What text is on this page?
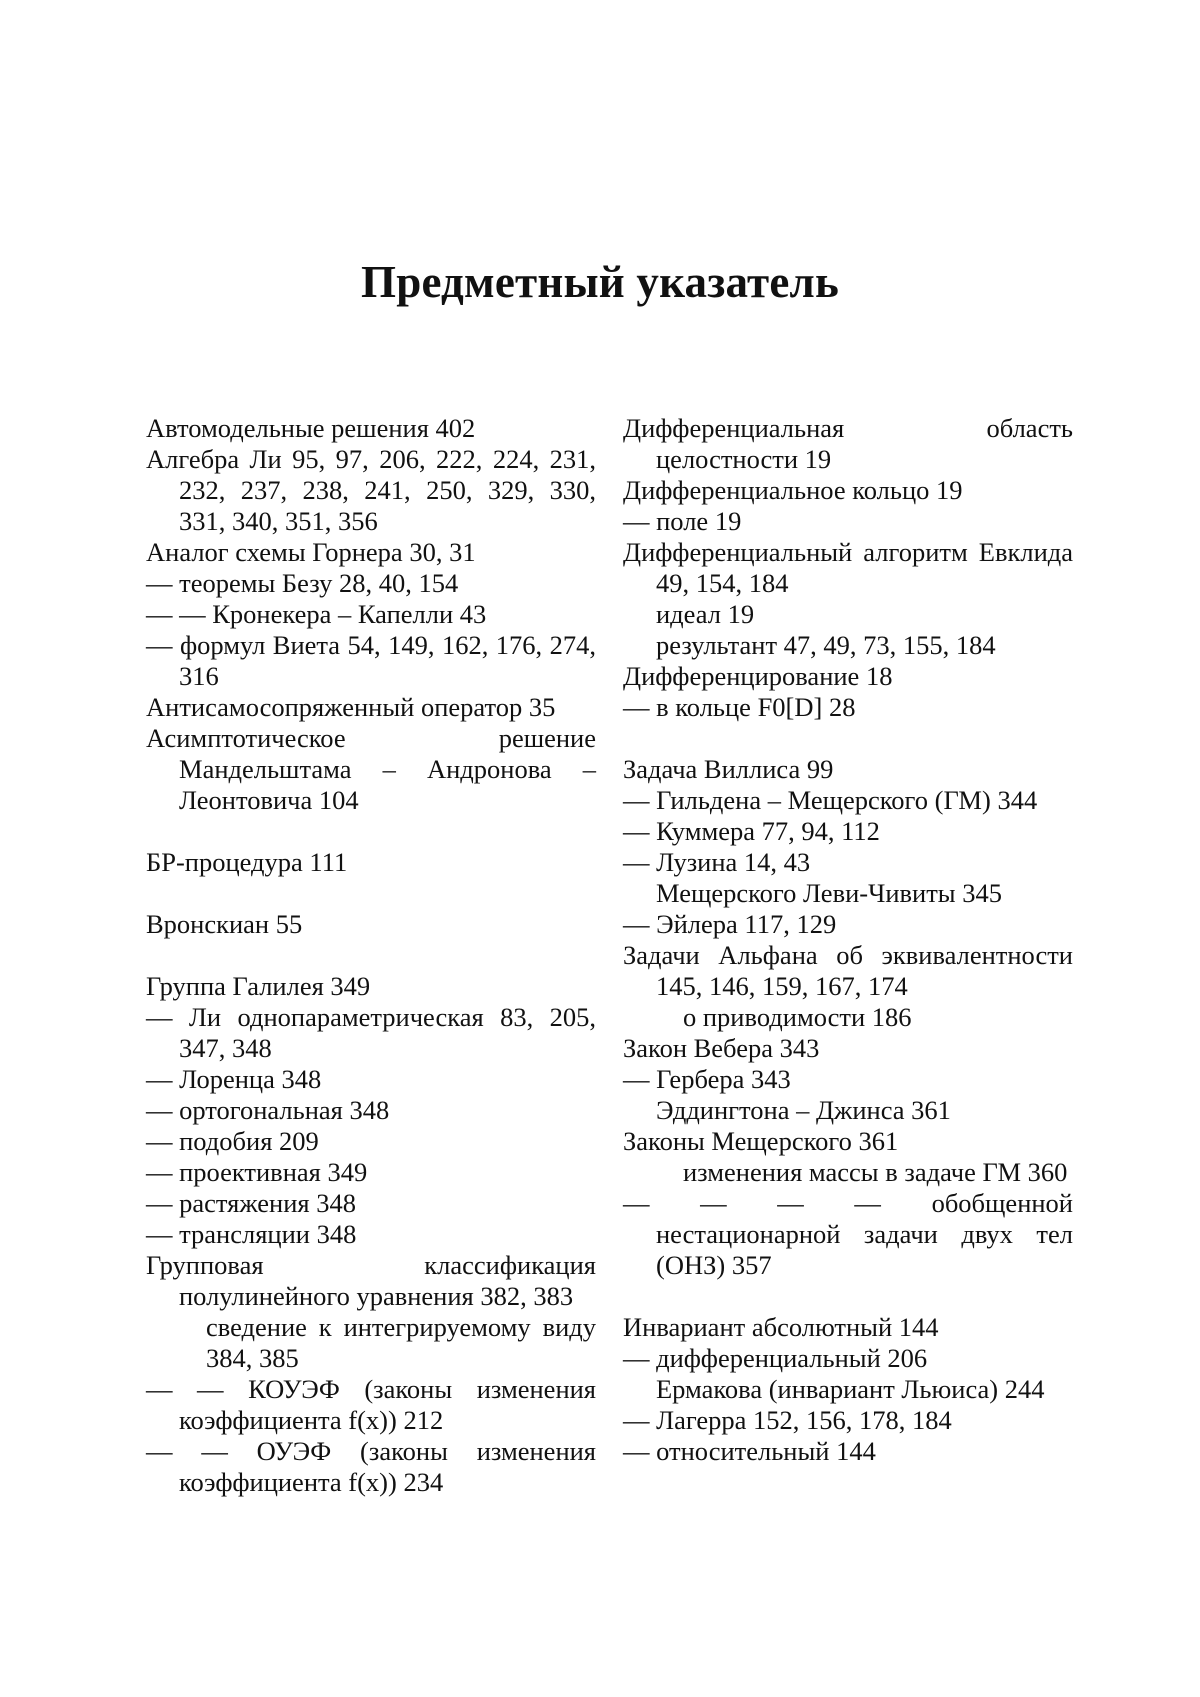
Предметный указатель
Автомодельные решения 402
Алгебра Ли 95, 97, 206, 222, 224, 231, 232, 237, 238, 241, 250, 329, 330, 331, 340, 351, 356
Аналог схемы Горнера 30, 31
— теоремы Безу 28, 40, 154
— — Кронекера – Капелли 43
— формул Виета 54, 149, 162, 176, 274, 316
Антисамосопряженный оператор 35
Асимптотическое решение Мандельштама – Андронова – Леонтовича 104
БР-процедура 111
Вронскиан 55
Группа Галилея 349
— Ли однопараметрическая 83, 205, 347, 348
— Лоренца 348
— ортогональная 348
— подобия 209
— проективная 349
— растяжения 348
— трансляции 348
Групповая классификация полулинейного уравнения 382, 383
сведение к интегрируемому виду 384, 385
— — КОУЭФ (законы изменения коэффициента f(x)) 212
— — ОУЭФ (законы изменения коэффициента f(x)) 234
Дифференциальная область целостности 19
Дифференциальное кольцо 19
— поле 19
Дифференциальный алгоритм Евклида 49, 154, 184
идеал 19
результант 47, 49, 73, 155, 184
Дифференцирование 18
— в кольце F0[D] 28
Задача Виллиса 99
— Гильдена – Мещерского (ГМ) 344
— Куммера 77, 94, 112
— Лузина 14, 43
Мещерского Леви-Чивиты 345
— Эйлера 117, 129
Задачи Альфана об эквивалентности 145, 146, 159, 167, 174
о приводимости 186
Закон Вебера 343
— Гербера 343
Эддингтона – Джинса 361
Законы Мещерского 361
изменения массы в задаче ГМ 360
— — — — обобщенной нестационарной задачи двух тел (ОНЗ) 357
Инвариант абсолютный 144
— дифференциальный 206
Ермакова (инвариант Льюиса) 244
— Лагерра 152, 156, 178, 184
— относительный 144
